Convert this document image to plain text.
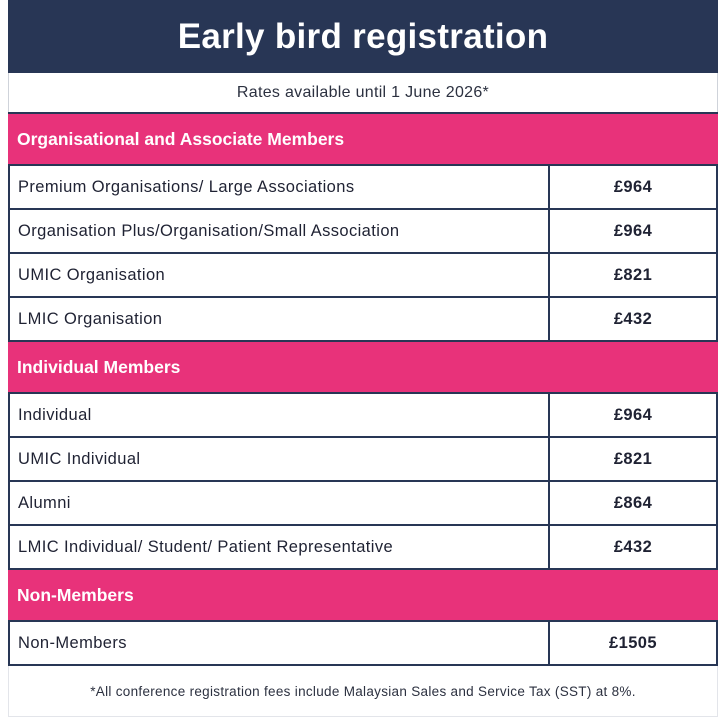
Early bird registration
Rates available until 1 June 2026*
Organisational and Associate Members
Premium Organisations/ Large Associations	£964
Organisation Plus/Organisation/Small Association	£964
UMIC Organisation	£821
LMIC Organisation	£432
Individual Members
Individual	£964
UMIC Individual	£821
Alumni	£864
LMIC Individual/ Student/ Patient Representative	£432
Non-Members
Non-Members	£1505
*All conference registration fees include Malaysian Sales and Service Tax (SST) at 8%.
